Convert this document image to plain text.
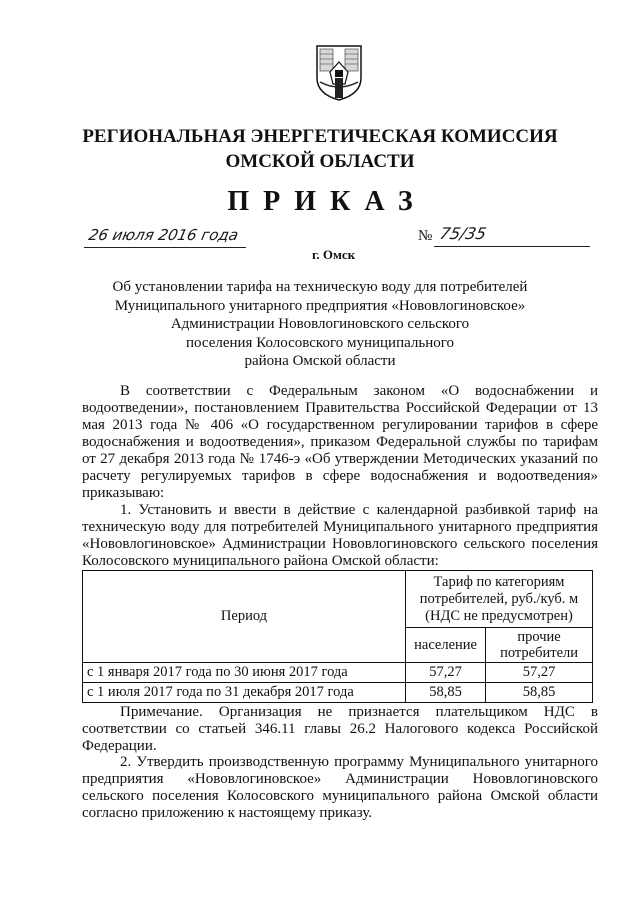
РЕГИОНАЛЬНАЯ ЭНЕРГЕТИЧЕСКАЯ КОМИССИЯ
ОМСКОЙ ОБЛАСТИ
ПРИКАЗ
26 июля 2016 года
г. Омск
№ 75/35
Об установлении тарифа на техническую воду для потребителей
Муниципального унитарного предприятия «Нововлогиновское»
Администрации Нововлогиновского сельского
поселения Колосовского муниципального
района Омской области
В соответствии с Федеральным законом «О водоснабжении и водоотведении», постановлением Правительства Российской Федерации от 13 мая 2013 года № 406 «О государственном регулировании тарифов в сфере водоснабжения и водоотведения», приказом Федеральной службы по тарифам от 27 декабря 2013 года № 1746-э «Об утверждении Методических указаний по расчету регулируемых тарифов в сфере водоснабжения и водоотведения» приказываю:
1. Установить и ввести в действие с календарной разбивкой тариф на техническую воду для потребителей Муниципального унитарного предприятия «Нововлогиновское» Администрации Нововлогиновского сельского поселения Колосовского муниципального района Омской области:
Период	Тариф по категориям потребителей, руб./куб. м (НДС не предусмотрен)	
	население	прочие потребители
с 1 января 2017 года по 30 июня 2017 года	57,27	57,27
с 1 июля 2017 года по 31 декабря 2017 года	58,85	58,85
Примечание. Организация не признается плательщиком НДС в соответствии со статьей 346.11 главы 26.2 Налогового кодекса Российской Федерации.
2. Утвердить производственную программу Муниципального унитарного предприятия «Нововлогиновское» Администрации Нововлогиновского сельского поселения Колосовского муниципального района Омской области согласно приложению к настоящему приказу.
